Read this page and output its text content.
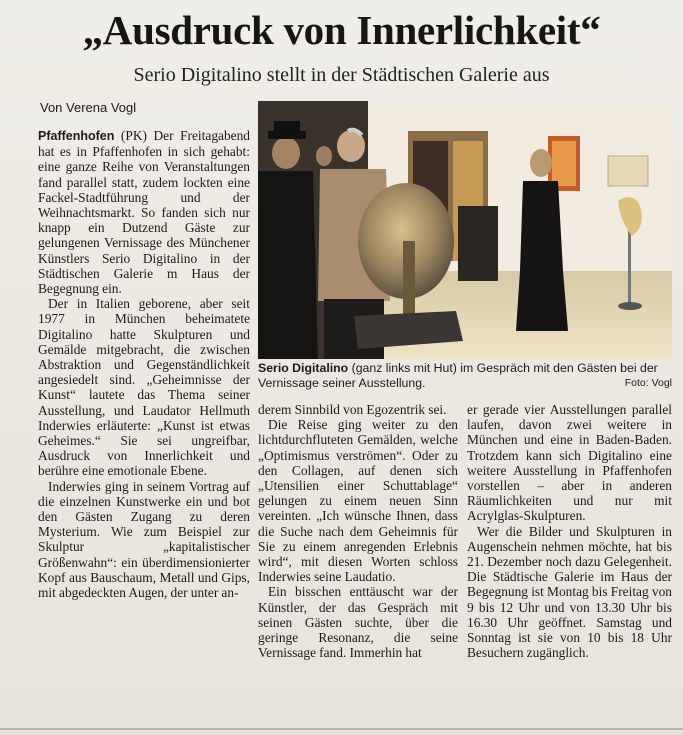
„Ausdruck von Innerlichkeit“
Serio Digitalino stellt in der Städtischen Galerie aus
Von Verena Vogl
Serio Digitalino (ganz links mit Hut) im Gespräch mit den Gästen bei der Vernissage seiner Ausstellung.	Foto: Vogl

Pfaffenhofen (PK) Der Freitagabend hat es in Pfaffenhofen in sich gehabt: eine ganze Reihe von Veranstaltungen fand parallel statt, zudem lockten eine Fackel-Stadtführung und der Weihnachtsmarkt. So fanden sich nur knapp ein Dutzend Gäste zur gelungenen Vernissage des Münchener Künstlers Serio Digitalino in der Städtischen Galerie m Haus der Begegnung ein.

Der in Italien geborene, aber seit 1977 in München beheimatete Digitalino hatte Skulpturen und Gemälde mitgebracht, die zwischen Abstraktion und Gegenständlichkeit angesiedelt sind. „Geheimnisse der Kunst“ lautete das Thema seiner Ausstellung, und Laudator Hellmuth Inderwies erläuterte: „Kunst ist etwas Geheimes.“ Sie sei ungreifbar, Ausdruck von Innerlichkeit und berühre eine emotionale Ebene.

Inderwies ging in seinem Vortrag auf die einzelnen Kunstwerke ein und bot den Gästen Zugang zu deren Mysterium. Wie zum Beispiel zur Skulptur „kapitalistischer Größenwahn“: ein überdimensionierter Kopf aus Bauschaum, Metall und Gips, mit abgedeckten Augen, der unter an-

derem Sinnbild von Egozentrik sei.

Die Reise ging weiter zu den lichtdurchfluteten Gemälden, welche „Optimismus verströmen“. Oder zu den Collagen, auf denen sich „Utensilien einer Schuttablage“ gelungen zu einem neuen Sinn vereinten. „Ich wünsche Ihnen, dass die Suche nach dem Geheimnis für Sie zu einem anregenden Erlebnis wird“, mit diesen Worten schloss Inderwies seine Laudatio.

Ein bisschen enttäuscht war der Künstler, der das Gespräch mit seinen Gästen suchte, über die geringe Resonanz, die seine Vernissage fand. Immerhin hat

er gerade vier Ausstellungen parallel laufen, davon zwei weitere in München und eine in Baden-Baden. Trotzdem kann sich Digitalino eine weitere Ausstellung in Pfaffenhofen vorstellen – aber in anderen Räumlichkeiten und nur mit Acrylglas-Skulpturen.

Wer die Bilder und Skulpturen in Augenschein nehmen möchte, hat bis 21. Dezember noch dazu Gelegenheit. Die Städtische Galerie im Haus der Begegnung ist Montag bis Freitag von 9 bis 12 Uhr und von 13.30 Uhr bis 16.30 Uhr geöffnet. Samstag und Sonntag ist sie von 10 bis 18 Uhr Besuchern zugänglich.
